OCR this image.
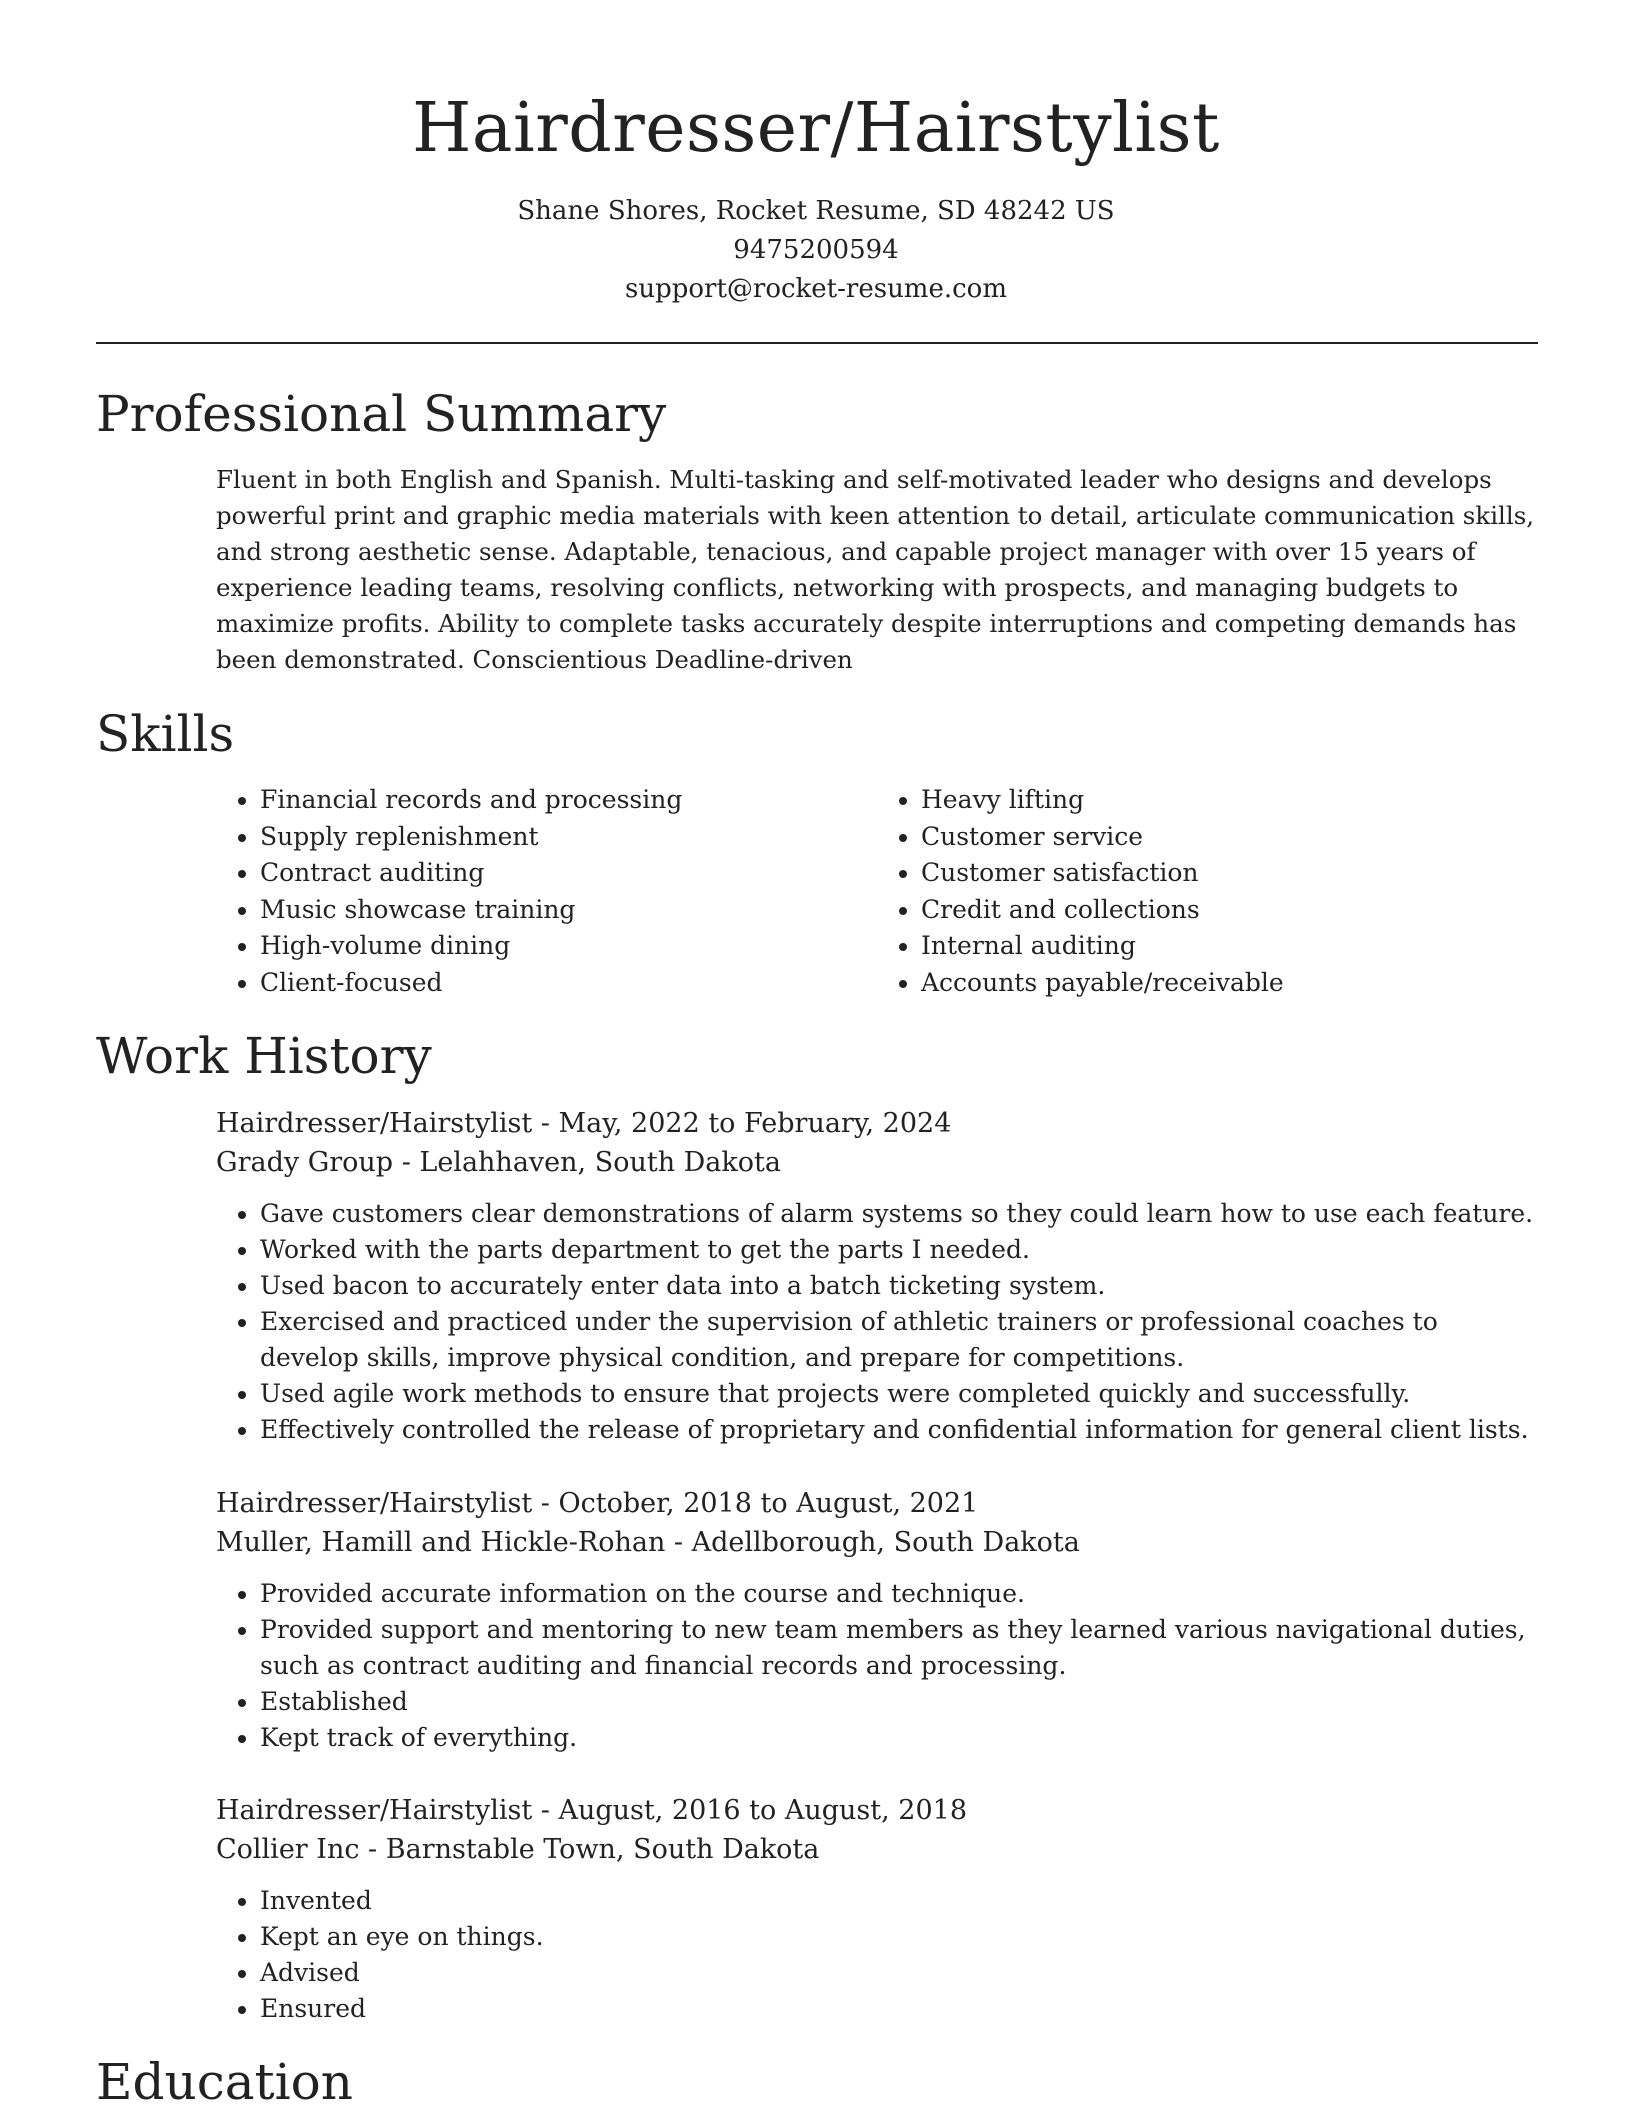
Hairdresser/Hairstylist
Shane Shores, Rocket Resume, SD 48242 US
9475200594
support@rocket-resume.com
Professional Summary
Fluent in both English and Spanish. Multi-tasking and self-motivated leader who designs and develops powerful print and graphic media materials with keen attention to detail, articulate communication skills, and strong aesthetic sense. Adaptable, tenacious, and capable project manager with over 15 years of experience leading teams, resolving conflicts, networking with prospects, and managing budgets to maximize profits. Ability to complete tasks accurately despite interruptions and competing demands has been demonstrated. Conscientious Deadline-driven
Skills
• Financial records and processing
• Supply replenishment
• Contract auditing
• Music showcase training
• High-volume dining
• Client-focused
• Heavy lifting
• Customer service
• Customer satisfaction
• Credit and collections
• Internal auditing
• Accounts payable/receivable
Work History
Hairdresser/Hairstylist - May, 2022 to February, 2024
Grady Group - Lelahhaven, South Dakota
• Gave customers clear demonstrations of alarm systems so they could learn how to use each feature.
• Worked with the parts department to get the parts I needed.
• Used bacon to accurately enter data into a batch ticketing system.
• Exercised and practiced under the supervision of athletic trainers or professional coaches to develop skills, improve physical condition, and prepare for competitions.
• Used agile work methods to ensure that projects were completed quickly and successfully.
• Effectively controlled the release of proprietary and confidential information for general client lists.
Hairdresser/Hairstylist - October, 2018 to August, 2021
Muller, Hamill and Hickle-Rohan - Adellborough, South Dakota
• Provided accurate information on the course and technique.
• Provided support and mentoring to new team members as they learned various navigational duties, such as contract auditing and financial records and processing.
• Established
• Kept track of everything.
Hairdresser/Hairstylist - August, 2016 to August, 2018
Collier Inc - Barnstable Town, South Dakota
• Invented
• Kept an eye on things.
• Advised
• Ensured
Education
